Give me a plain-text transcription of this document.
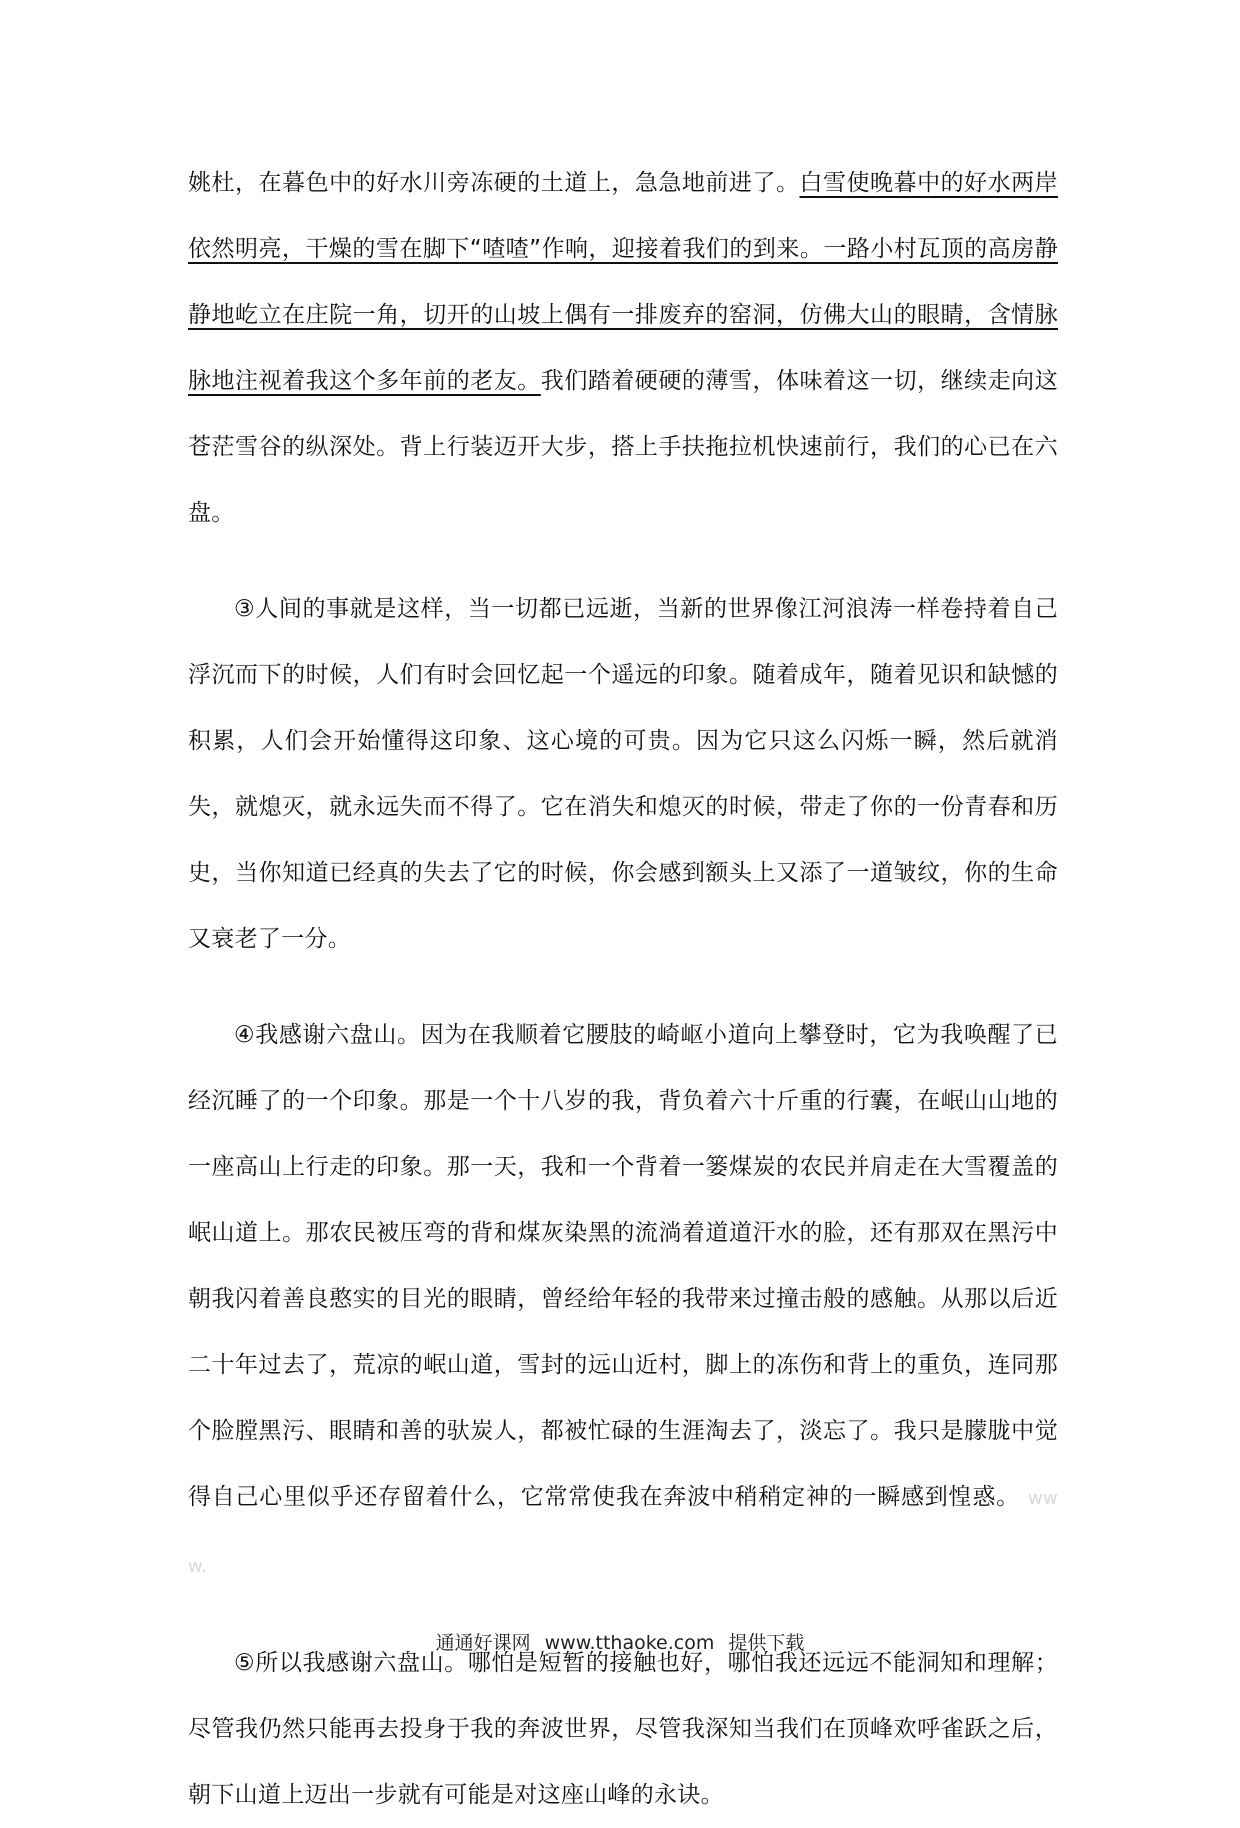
姚杜，在暮色中的好水川旁冻硬的土道上，急急地前进了。白雪使晚暮中的好水两岸依然明亮，干燥的雪在脚下“喳喳”作响，迎接着我们的到来。一路小村瓦顶的高房静静地屹立在庄院一角，切开的山坡上偶有一排废弃的窑洞，仿佛大山的眼睛，含情脉脉地注视着我这个多年前的老友。我们踏着硬硬的薄雪，体味着这一切，继续走向这苍茫雪谷的纵深处。背上行装迈开大步，搭上手扶拖拉机快速前行，我们的心已在六盘。

③人间的事就是这样，当一切都已远逝，当新的世界像江河浪涛一样卷持着自己浮沉而下的时候，人们有时会回忆起一个遥远的印象。随着成年，随着见识和缺憾的积累，人们会开始懂得这印象、这心境的可贵。因为它只这么闪烁一瞬，然后就消失，就熄灭，就永远失而不得了。它在消失和熄灭的时候，带走了你的一份青春和历史，当你知道已经真的失去了它的时候，你会感到额头上又添了一道皱纹，你的生命又衰老了一分。

④我感谢六盘山。因为在我顺着它腰肢的崎岖小道向上攀登时，它为我唤醒了已经沉睡了的一个印象。那是一个十八岁的我，背负着六十斤重的行囊，在岷山山地的一座高山上行走的印象。那一天，我和一个背着一篓煤炭的农民并肩走在大雪覆盖的岷山道上。那农民被压弯的背和煤灰染黑的流淌着道道汗水的脸，还有那双在黑污中朝我闪着善良憨实的目光的眼睛，曾经给年轻的我带来过撞击般的感触。从那以后近二十年过去了，荒凉的岷山道，雪封的远山近村，脚上的冻伤和背上的重负，连同那个脸膛黑污、眼睛和善的驮炭人，都被忙碌的生涯淘去了，淡忘了。我只是朦胧中觉得自己心里似乎还存留着什么，它常常使我在奔波中稍稍定神的一瞬感到惶惑。 ww w.

⑤所以我感谢六盘山。哪怕是短暂的接触也好，哪怕我还远远不能洞知和理解；尽管我仍然只能再去投身于我的奔波世界，尽管我深知当我们在顶峰欢呼雀跃之后，朝下山道上迈出一步就有可能是对这座山峰的永诀。

通通好课网 www.tthaoke.com 提供下载
